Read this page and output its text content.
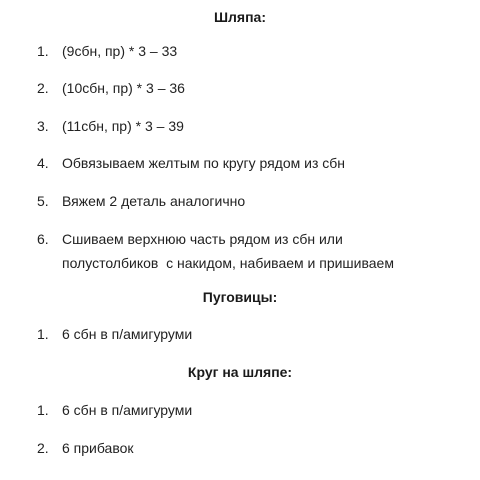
Шляпа:
1. (9сбн, пр) * 3 – 33
2. (10сбн, пр) * 3 – 36
3. (11сбн, пр) * 3 – 39
4. Обвязываем желтым по кругу рядом из сбн
5. Вяжем 2 деталь аналогично
6. Сшиваем верхнюю часть рядом из сбн или
полустолбиков  с накидом, набиваем и пришиваем
Пуговицы:
1. 6 сбн в п/амигуруми
Круг на шляпе:
1. 6 сбн в п/амигуруми
2. 6 прибавок
